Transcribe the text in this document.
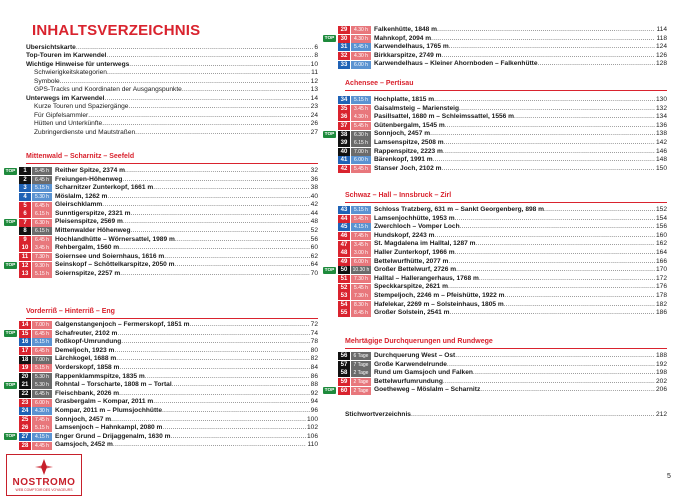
INHALTSVERZEICHNIS
Übersichtskarte .....	6
Top-Touren im Karwendel .....	8
Wichtige Hinweise für unterwegs .....	10
Schwierigkeitskategorien .....	11
Symbole .....	12
GPS-Tracks und Koordinaten der Ausgangspunkte .....	13
Unterwegs im Karwendel .....	14
Kurze Touren und Spaziergänge .....	23
Für Gipfelsammler .....	24
Hütten und Unterkünfte .....	26
Zubringerdienste und Mautstraßen .....	27
Mittenwald – Scharnitz – Seefeld
TOP	1	5.45 h Reither Spitze, 2374 m .....	32
2	6.45 h Freiungen-Höhenweg .....	36
3	5.15 h Scharnitzer Zunterkopf, 1661 m .....	38
4	5.30 h Möslalm, 1262 m .....	40
5	6.45 h Gleirschklamm .....	42
6	6.15 h Sunntigerspitze, 2321 m .....	44
TOP	7	6.30 h Pleisenspitze, 2569 m .....	48
8	6.15 h Mittenwalder Höhenweg .....	52
9	6.45 h Hochlandhütte – Wörnersattel, 1989 m .....	56
10	3.45 h Rehbergalm, 1560 m .....	60
11	7.30 h Soiernsee und Soiernhaus, 1616 m .....	62
TOP	12	9.30 h Seinskopf – Schöttelkarspitze, 2050 m .....	64
13	5.15 h Soiernspitze, 2257 m .....	70
Vorderriß – Hinterriß – Eng
14	7.00 h Galgenstangenjoch – Fermerskopf, 1851 m .....	72
TOP	15	6.45 h Schafreuter, 2102 m .....	74
16	5.15 h Roßkopf-Umrundung .....	78
17	6.45 h Demeljoch, 1923 m .....	80
18	7.00 h Lärchkogel, 1688 m .....	82
19	5.15 h Vorderskopf, 1858 m .....	84
20	5.30 h Rappenklammspitze, 1835 m .....	86
TOP	21	5.30 h Rohntal – Torscharte, 1808 m – Tortal .....	88
22	6.45 h Fleischbank, 2026 m .....	92
23	6.00 h Grasbergalm – Kompar, 2011 m .....	94
24	4.30 h Kompar, 2011 m – Plumsjochhütte .....	96
25	7.45 h Sonnjoch, 2457 m .....	100
26	5.15 h Lamsenjoch – Hahnkampl, 2080 m .....	102
TOP	27	4.15 h Enger Grund – Drijaggenalm, 1630 m .....	106
28	4.45 h Gamsjoch, 2452 m .....	110
29	4.30 h Falkenhütte, 1848 m .....	114
TOP	30	4.30 h Mahnkopf, 2094 m .....	118
31	5.45 h Karwendelhaus, 1765 m .....	124
32	4.30 h Birkkarspitze, 2749 m .....	126
33	6.00 h Karwendelhaus – Kleiner Ahornboden – Falkenhütte .....	128
Achensee – Pertisau
34	5.15 h Hochplatte, 1815 m .....	130
35	3.45 h Gaisalmsteig – Mariensteig .....	132
36	4.30 h Pasillsattel, 1680 m – Schleimssattel, 1556 m .....	134
37	5.45 h Gütenbergalm, 1545 m .....	136
TOP	38	6.30 h Sonnjoch, 2457 m .....	138
39	6.15 h Lamsenspitze, 2508 m .....	142
40	7.00 h Rappenspitze, 2223 m .....	146
41	6.00 h Bärenkopf, 1991 m .....	148
42	5.45 h Stanser Joch, 2102 m .....	150
Schwaz – Hall – Innsbruck – Zirl
43	5.15 h Schloss Tratzberg, 631 m – Sankt Georgenberg, 898 m .....	152
44	5.45 h Lamsenjochhütte, 1953 m .....	154
45	4.15 h Zwerchloch – Vomper Loch .....	156
46	7.45 h Hundskopf, 2243 m .....	160
47	3.45 h St. Magdalena im Halltal, 1287 m .....	162
48	3.00 h Haller Zunterkopf, 1966 m .....	164
49	6.00 h Bettelwurfhütte, 2077 m .....	166
TOP	50	10.30 h Großer Bettelwurf, 2726 m .....	170
51	7.30 h Halltal – Hallerangerhaus, 1768 m .....	172
52	5.45 h Speckkarspitze, 2621 m .....	176
53	7.30 h Stempeljoch, 2246 m – Pfeishütte, 1922 m .....	178
54	8.30 h Hafelekar, 2269 m – Solsteinhaus, 1805 m .....	182
55	8.45 h Großer Solstein, 2541 m .....	186
Mehrtägige Durchquerungen und Rundwege
56	6 Tage Durchquerung West – Ost .....	188
57	7 Tage Große Karwendelrunde .....	192
58	2 Tage Rund um Gamsjoch und Falken .....	198
59	2 Tage Bettelwurfumrundung .....	202
TOP	60	2 Tage Goetheweg – Möslalm – Scharnitz .....	206
Stichwortverzeichnis .....	212
NOSTROMO
WEB COMPTOIR DES VOYAGEURS
5
